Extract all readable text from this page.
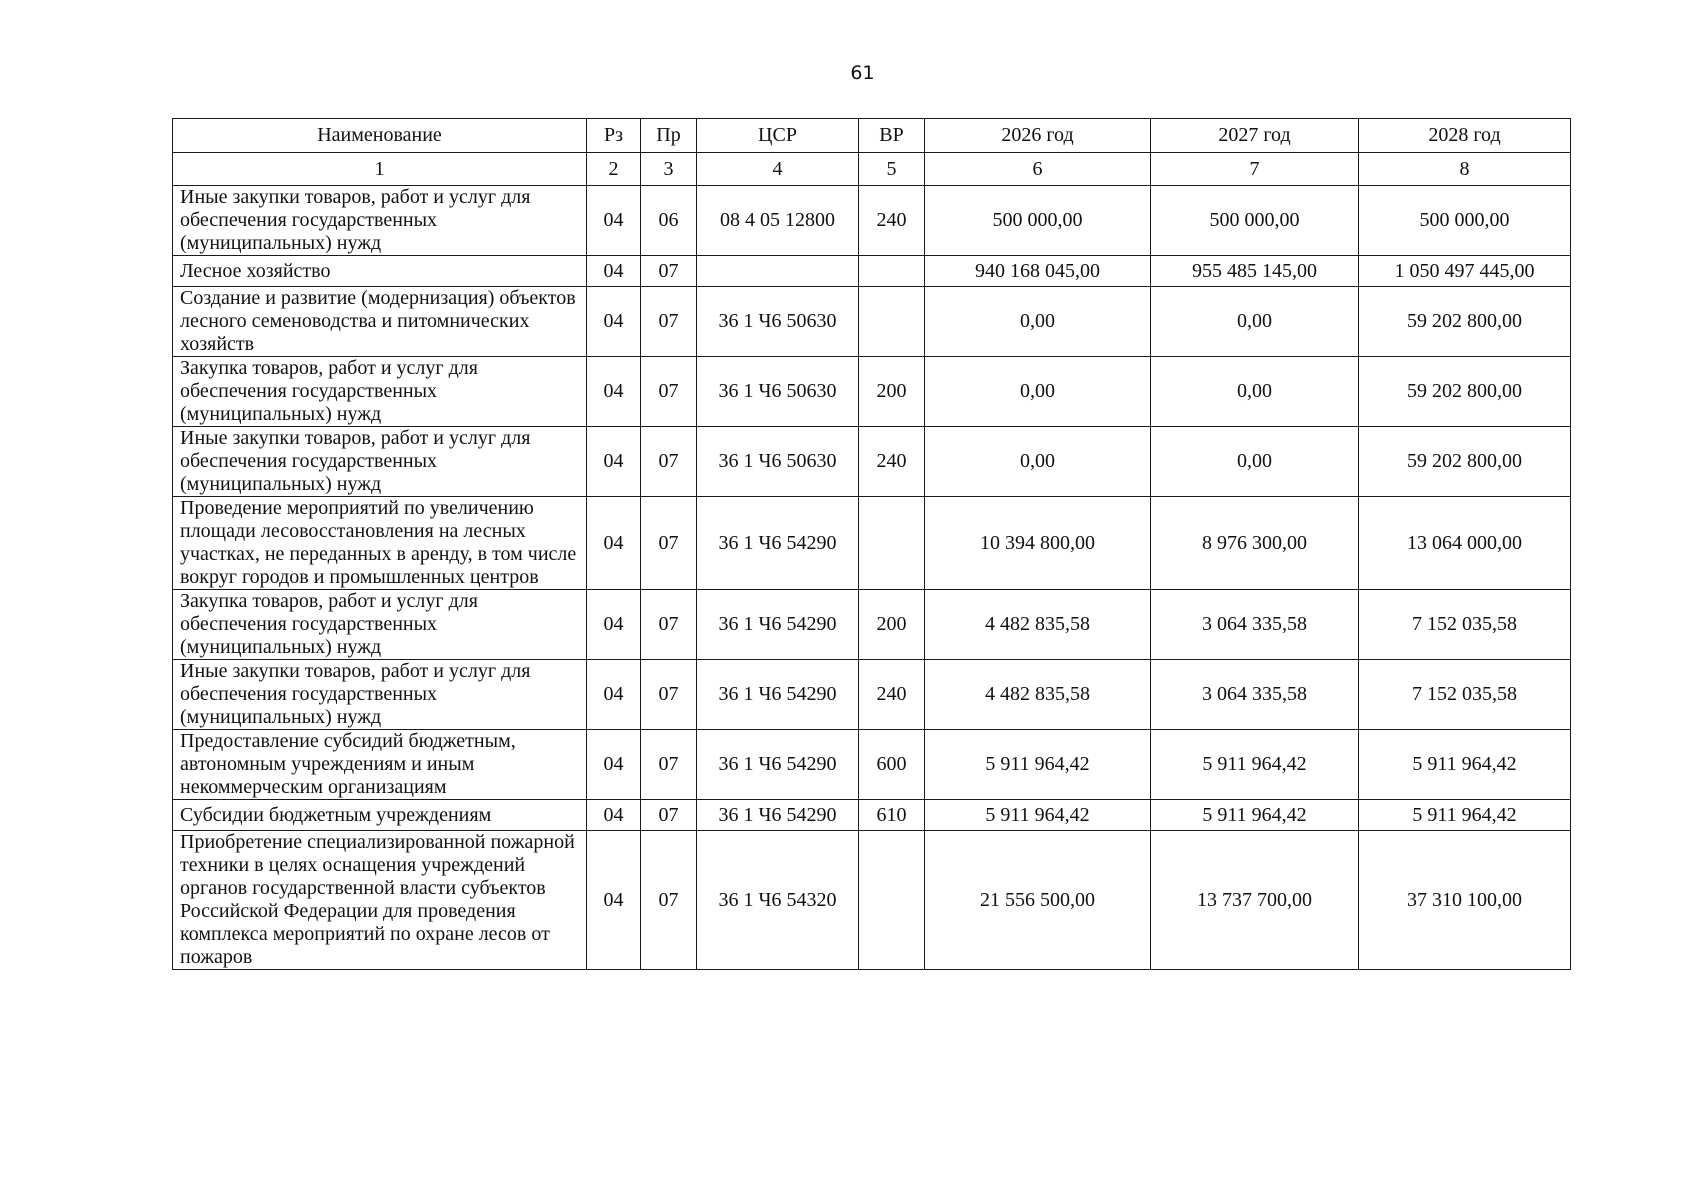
61
Наименование	Рз	Пр	ЦСР	ВР	2026 год	2027 год	2028 год
1	2	3	4	5	6	7	8
Иные закупки товаров, работ и услуг для обеспечения государственных (муниципальных) нужд	04	06	08 4 05 12800	240	500 000,00	500 000,00	500 000,00
Лесное хозяйство	04	07			940 168 045,00	955 485 145,00	1 050 497 445,00
Создание и развитие (модернизация) объектов лесного семеноводства и питомнических хозяйств	04	07	36 1 Ч6 50630		0,00	0,00	59 202 800,00
Закупка товаров, работ и услуг для обеспечения государственных (муниципальных) нужд	04	07	36 1 Ч6 50630	200	0,00	0,00	59 202 800,00
Иные закупки товаров, работ и услуг для обеспечения государственных (муниципальных) нужд	04	07	36 1 Ч6 50630	240	0,00	0,00	59 202 800,00
Проведение мероприятий по увеличению площади лесовосстановления на лесных участках, не переданных в аренду, в том числе вокруг городов и промышленных центров	04	07	36 1 Ч6 54290		10 394 800,00	8 976 300,00	13 064 000,00
Закупка товаров, работ и услуг для обеспечения государственных (муниципальных) нужд	04	07	36 1 Ч6 54290	200	4 482 835,58	3 064 335,58	7 152 035,58
Иные закупки товаров, работ и услуг для обеспечения государственных (муниципальных) нужд	04	07	36 1 Ч6 54290	240	4 482 835,58	3 064 335,58	7 152 035,58
Предоставление субсидий бюджетным, автономным учреждениям и иным некоммерческим организациям	04	07	36 1 Ч6 54290	600	5 911 964,42	5 911 964,42	5 911 964,42
Субсидии бюджетным учреждениям	04	07	36 1 Ч6 54290	610	5 911 964,42	5 911 964,42	5 911 964,42
Приобретение специализированной пожарной техники в целях оснащения учреждений органов государственной власти субъектов Российской Федерации для проведения комплекса мероприятий по охране лесов от пожаров	04	07	36 1 Ч6 54320		21 556 500,00	13 737 700,00	37 310 100,00
